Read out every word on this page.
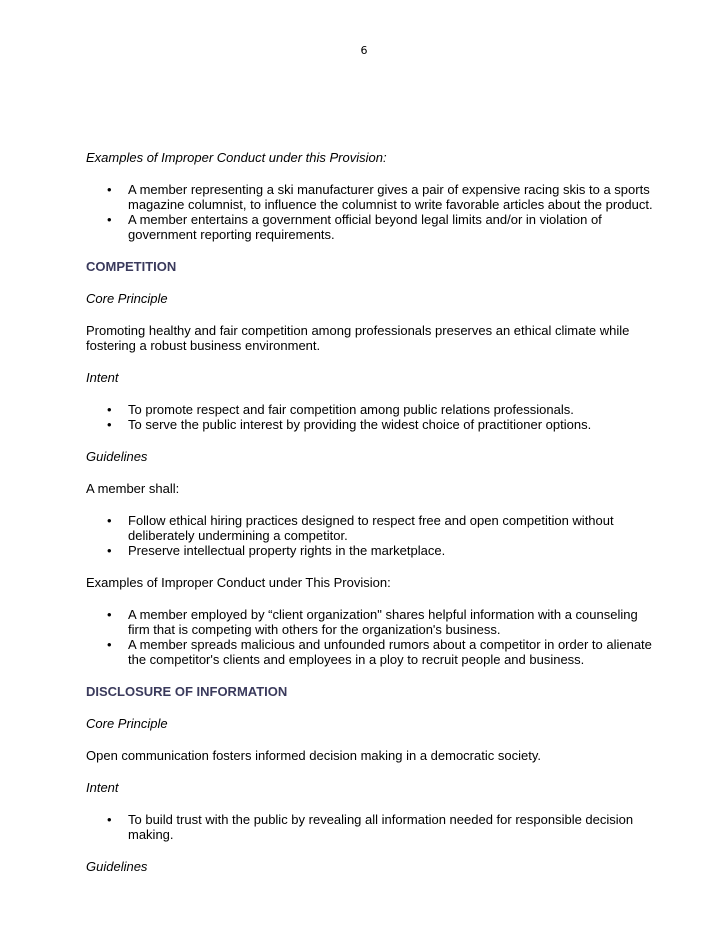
6

Examples of Improper Conduct under this Provision:

• A member representing a ski manufacturer gives a pair of expensive racing skis to a sports magazine columnist, to influence the columnist to write favorable articles about the product.
• A member entertains a government official beyond legal limits and/or in violation of government reporting requirements.
COMPETITION

Core Principle

Promoting healthy and fair competition among professionals preserves an ethical climate while fostering a robust business environment.

Intent

• To promote respect and fair competition among public relations professionals.
• To serve the public interest by providing the widest choice of practitioner options.

Guidelines

A member shall:

• Follow ethical hiring practices designed to respect free and open competition without deliberately undermining a competitor.
• Preserve intellectual property rights in the marketplace.

Examples of Improper Conduct under This Provision:

• A member employed by “client organization" shares helpful information with a counseling firm that is competing with others for the organization's business.
• A member spreads malicious and unfounded rumors about a competitor in order to alienate the competitor's clients and employees in a ploy to recruit people and business.
DISCLOSURE OF INFORMATION

Core Principle

Open communication fosters informed decision making in a democratic society.

Intent

• To build trust with the public by revealing all information needed for responsible decision making.

Guidelines
